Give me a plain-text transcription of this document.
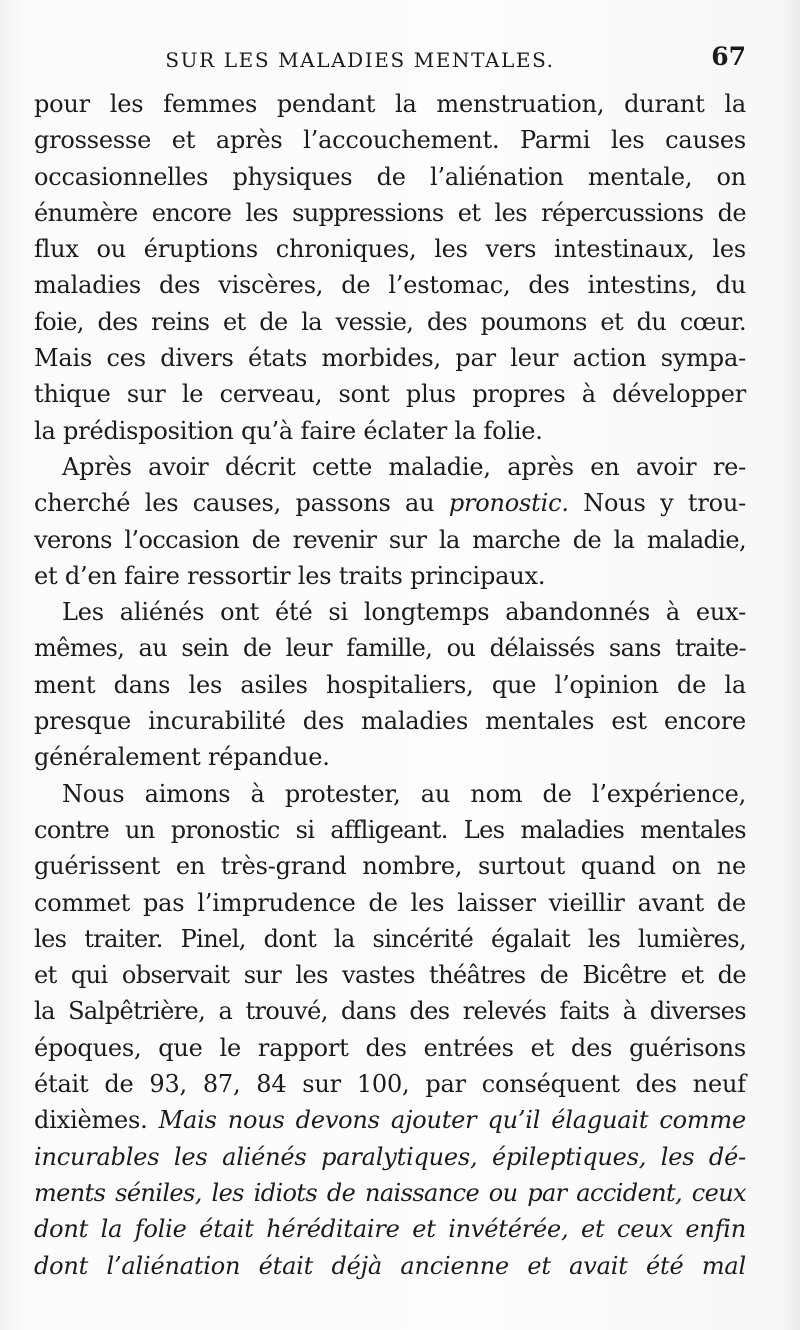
SUR LES MALADIES MENTALES.	67
pour les femmes pendant la menstruation, durant la
grossesse et après l’accouchement. Parmi les causes
occasionnelles physiques de l’aliénation mentale, on
énumère encore les suppressions et les répercussions de
flux ou éruptions chroniques, les vers intestinaux, les
maladies des viscères, de l’estomac, des intestins, du
foie, des reins et de la vessie, des poumons et du cœur.
Mais ces divers états morbides, par leur action sympa-
thique sur le cerveau, sont plus propres à développer
la prédisposition qu’à faire éclater la folie.
Après avoir décrit cette maladie, après en avoir re-
cherché les causes, passons au pronostic. Nous y trou-
verons l’occasion de revenir sur la marche de la maladie,
et d’en faire ressortir les traits principaux.
Les aliénés ont été si longtemps abandonnés à eux-
mêmes, au sein de leur famille, ou délaissés sans traite-
ment dans les asiles hospitaliers, que l’opinion de la
presque incurabilité des maladies mentales est encore
généralement répandue.
Nous aimons à protester, au nom de l’expérience,
contre un pronostic si affligeant. Les maladies mentales
guérissent en très-grand nombre, surtout quand on ne
commet pas l’imprudence de les laisser vieillir avant de
les traiter. Pinel, dont la sincérité égalait les lumières,
et qui observait sur les vastes théâtres de Bicêtre et de
la Salpêtrière, a trouvé, dans des relevés faits à diverses
époques, que le rapport des entrées et des guérisons
était de 93, 87, 84 sur 100, par conséquent des neuf
dixièmes. Mais nous devons ajouter qu’il élaguait comme
incurables les aliénés paralytiques, épileptiques, les dé-
ments séniles, les idiots de naissance ou par accident, ceux
dont la folie était héréditaire et invétérée, et ceux enfin
dont l’aliénation était déjà ancienne et avait été mal
